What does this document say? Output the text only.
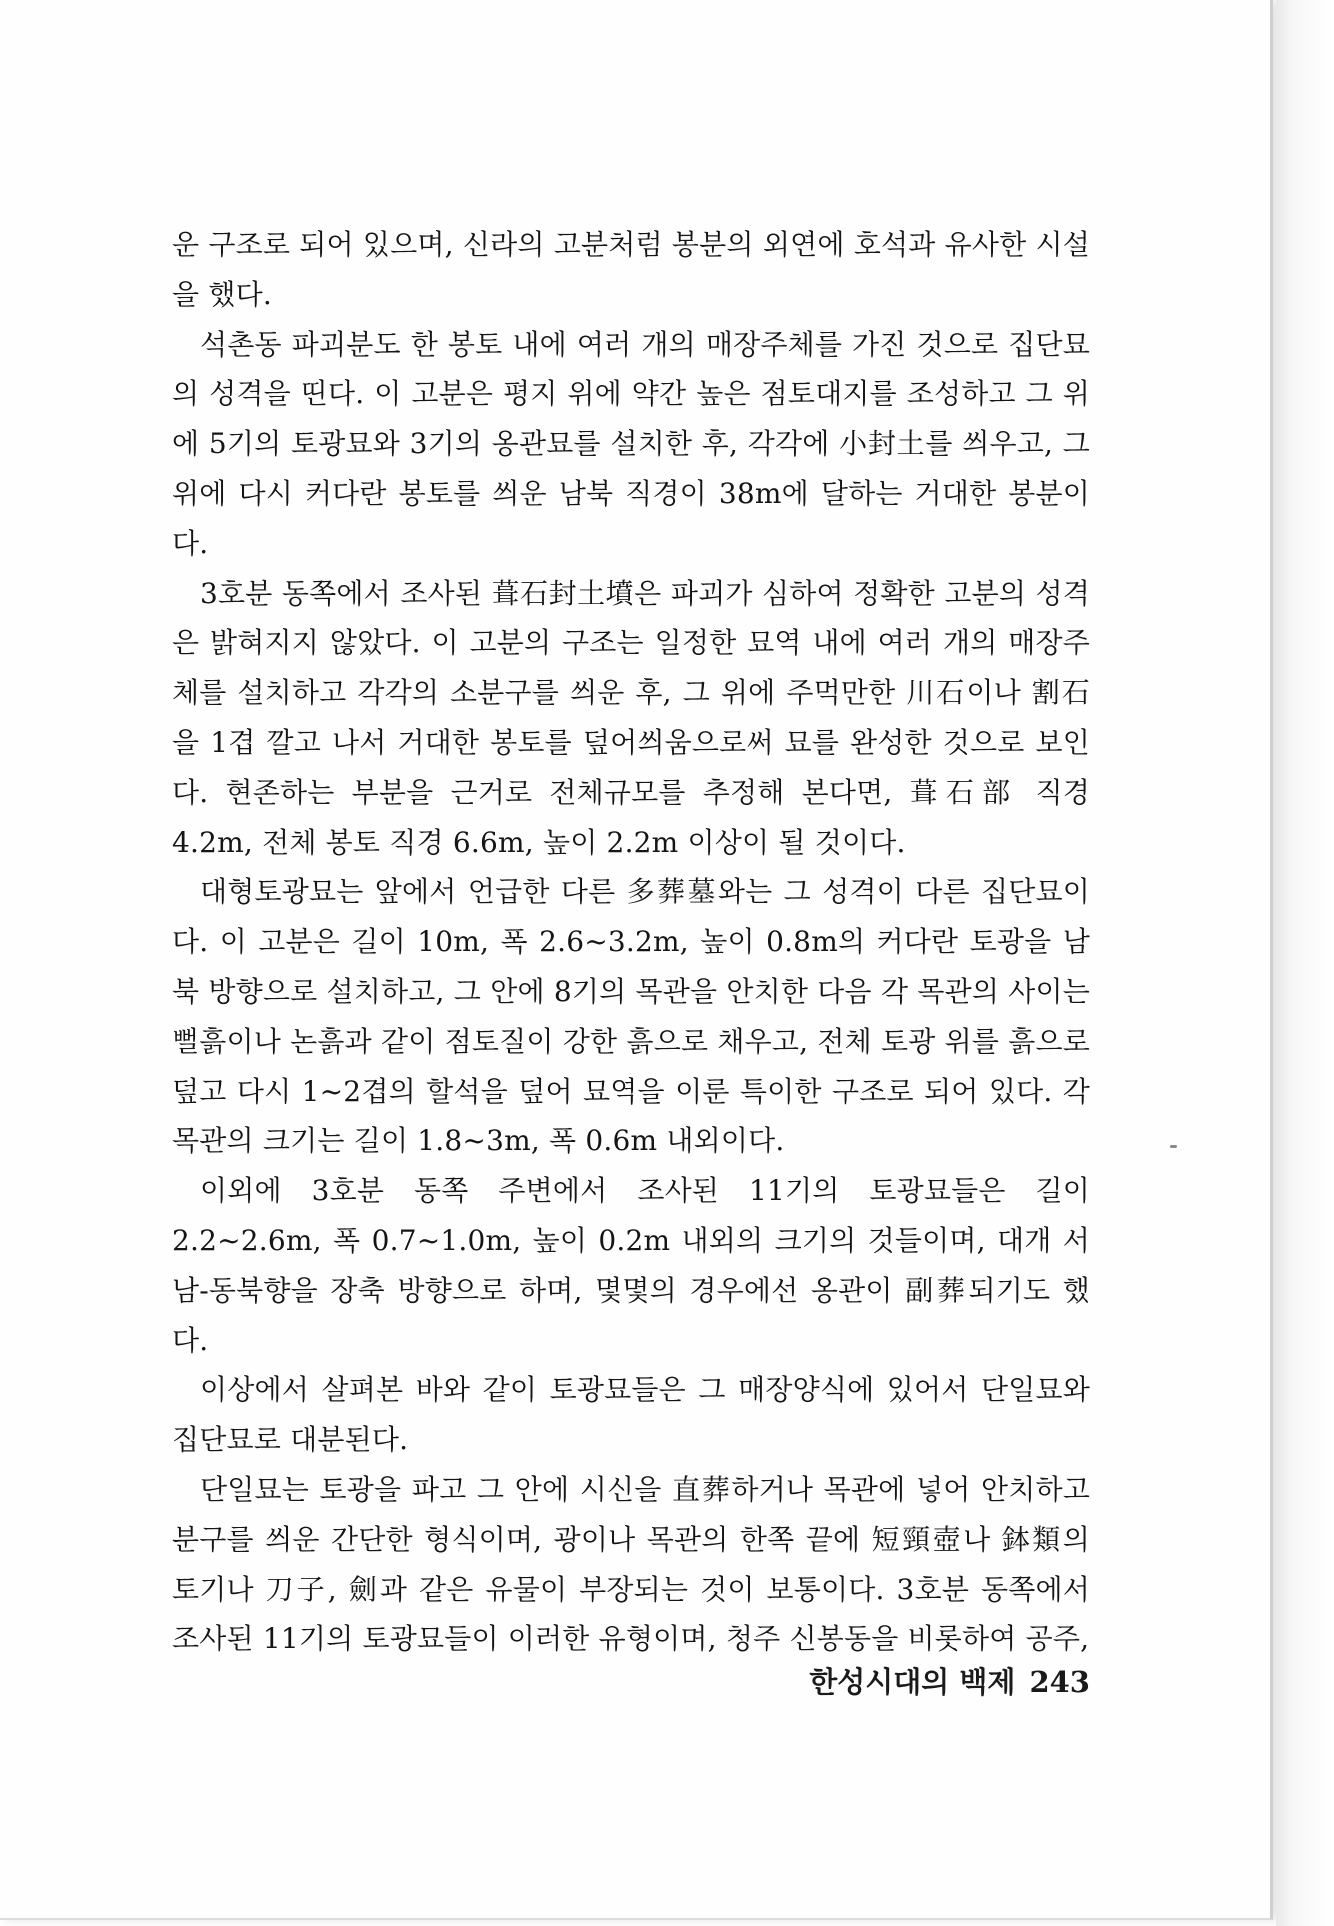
운 구조로 되어 있으며, 신라의 고분처럼 봉분의 외연에 호석과 유사한 시설을 했다.

석촌동 파괴분도 한 봉토 내에 여러 개의 매장주체를 가진 것으로 집단묘의 성격을 띤다. 이 고분은 평지 위에 약간 높은 점토대지를 조성하고 그 위에 5기의 토광묘와 3기의 옹관묘를 설치한 후, 각각에 小封土를 씌우고, 그 위에 다시 커다란 봉토를 씌운 남북 직경이 38m에 달하는 거대한 봉분이다.

3호분 동쪽에서 조사된 葺石封土墳은 파괴가 심하여 정확한 고분의 성격은 밝혀지지 않았다. 이 고분의 구조는 일정한 묘역 내에 여러 개의 매장주체를 설치하고 각각의 소분구를 씌운 후, 그 위에 주먹만한 川石이나 割石을 1겹 깔고 나서 거대한 봉토를 덮어씌움으로써 묘를 완성한 것으로 보인다. 현존하는 부분을 근거로 전체규모를 추정해 본다면, 葺石部 직경 4.2m, 전체 봉토 직경 6.6m, 높이 2.2m 이상이 될 것이다.

대형토광묘는 앞에서 언급한 다른 多葬墓와는 그 성격이 다른 집단묘이다. 이 고분은 길이 10m, 폭 2.6~3.2m, 높이 0.8m의 커다란 토광을 남북 방향으로 설치하고, 그 안에 8기의 목관을 안치한 다음 각 목관의 사이는 뻘흙이나 논흙과 같이 점토질이 강한 흙으로 채우고, 전체 토광 위를 흙으로 덮고 다시 1~2겹의 할석을 덮어 묘역을 이룬 특이한 구조로 되어 있다. 각 목관의 크기는 길이 1.8~3m, 폭 0.6m 내외이다.

이외에 3호분 동쪽 주변에서 조사된 11기의 토광묘들은 길이 2.2~2.6m, 폭 0.7~1.0m, 높이 0.2m 내외의 크기의 것들이며, 대개 서남-동북향을 장축 방향으로 하며, 몇몇의 경우에선 옹관이 副葬되기도 했다.

이상에서 살펴본 바와 같이 토광묘들은 그 매장양식에 있어서 단일묘와 집단묘로 대분된다.

단일묘는 토광을 파고 그 안에 시신을 直葬하거나 목관에 넣어 안치하고 분구를 씌운 간단한 형식이며, 광이나 목관의 한쪽 끝에 短頸壺나 鉢類의 토기나 刀子, 劍과 같은 유물이 부장되는 것이 보통이다. 3호분 동쪽에서 조사된 11기의 토광묘들이 이러한 유형이며, 청주 신봉동을 비롯하여 공주,

한성시대의 백제 243
